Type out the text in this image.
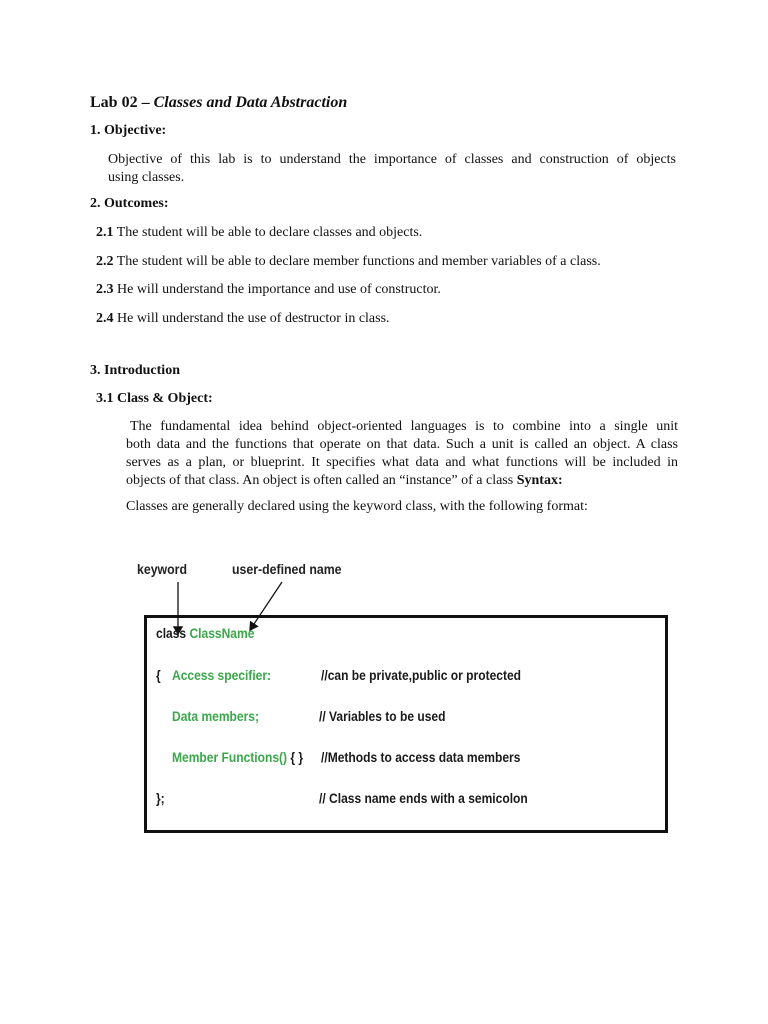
Lab 02 – Classes and Data Abstraction
1. Objective:
Objective of this lab is to understand the importance of classes and construction of objects
using classes.
2. Outcomes:
2.1 The student will be able to declare classes and objects.
2.2 The student will be able to declare member functions and member variables of a class.
2.3 He will understand the importance and use of constructor.
2.4 He will understand the use of destructor in class.
3. Introduction
3.1 Class & Object:
The fundamental idea behind object-oriented languages is to combine into a single unit
both data and the functions that operate on that data. Such a unit is called an object. A class
serves as a plan, or blueprint. It specifies what data and what functions will be included in
objects of that class. An object is often called an “instance” of a class Syntax:
Classes are generally declared using the keyword class, with the following format:
keyword	user-defined name
class ClassName
{ Access specifier:	//can be private,public or protected
Data members;	// Variables to be used
Member Functions() { } //Methods to access data members
};	// Class name ends with a semicolon
